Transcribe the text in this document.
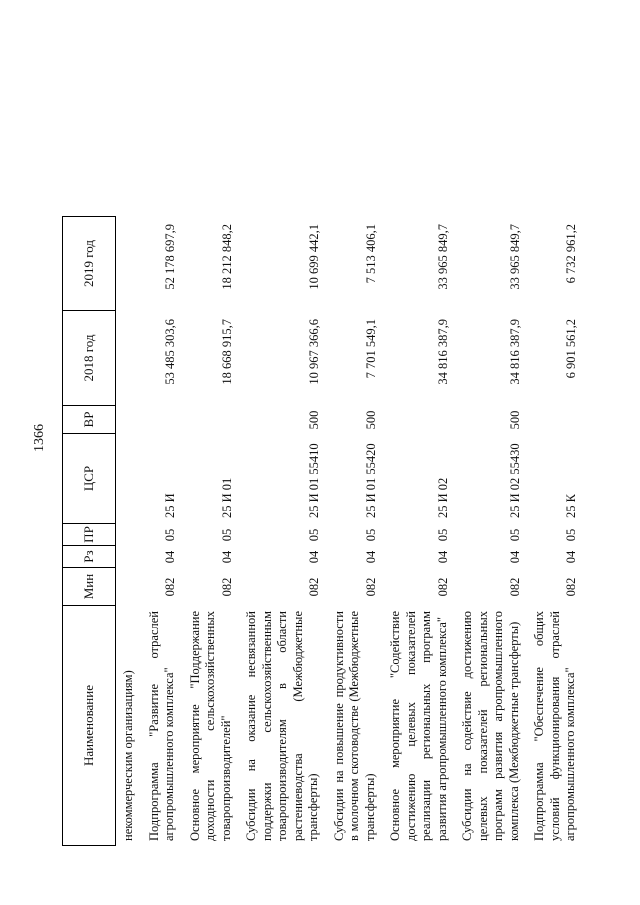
1366
Наименование
Мин
Рз
ПР
ЦСР
ВР
2018 год
2019 год
некоммерческим организациям) Подпрограмма "Развитие отраслей агропромышленного комплекса"
082
04
05
25 И
53 485 303,6
52 178 697,9
Основное мероприятие "Поддержание доходности сельскохозяйственных товаропроизводителей"
082
04
05
25 И 01
18 668 915,7
18 212 848,2
Субсидии на оказание несвязанной поддержки сельскохозяйственным товаропроизводителям в области растениеводства (Межбюджетные трансферты)
082
04
05
25 И 01 55410
500
10 967 366,6
10 699 442,1
Субсидии на повышение продуктивности в молочном скотоводстве (Межбюджетные трансферты)
082
04
05
25 И 01 55420
500
7 701 549,1
7 513 406,1
Основное мероприятие "Содействие достижению целевых показателей реализации региональных программ развития агропромышленного комплекса"
082
04
05
25 И 02
34 816 387,9
33 965 849,7
Субсидии на содействие достижению целевых показателей региональных программ развития агропромышленного комплекса (Межбюджетные трансферты)
082
04
05
25 И 02 55430
500
34 816 387,9
33 965 849,7
Подпрограмма "Обеспечение общих условий функционирования отраслей агропромышленного комплекса"
082
04
05
25 К
6 901 561,2
6 732 961,2
